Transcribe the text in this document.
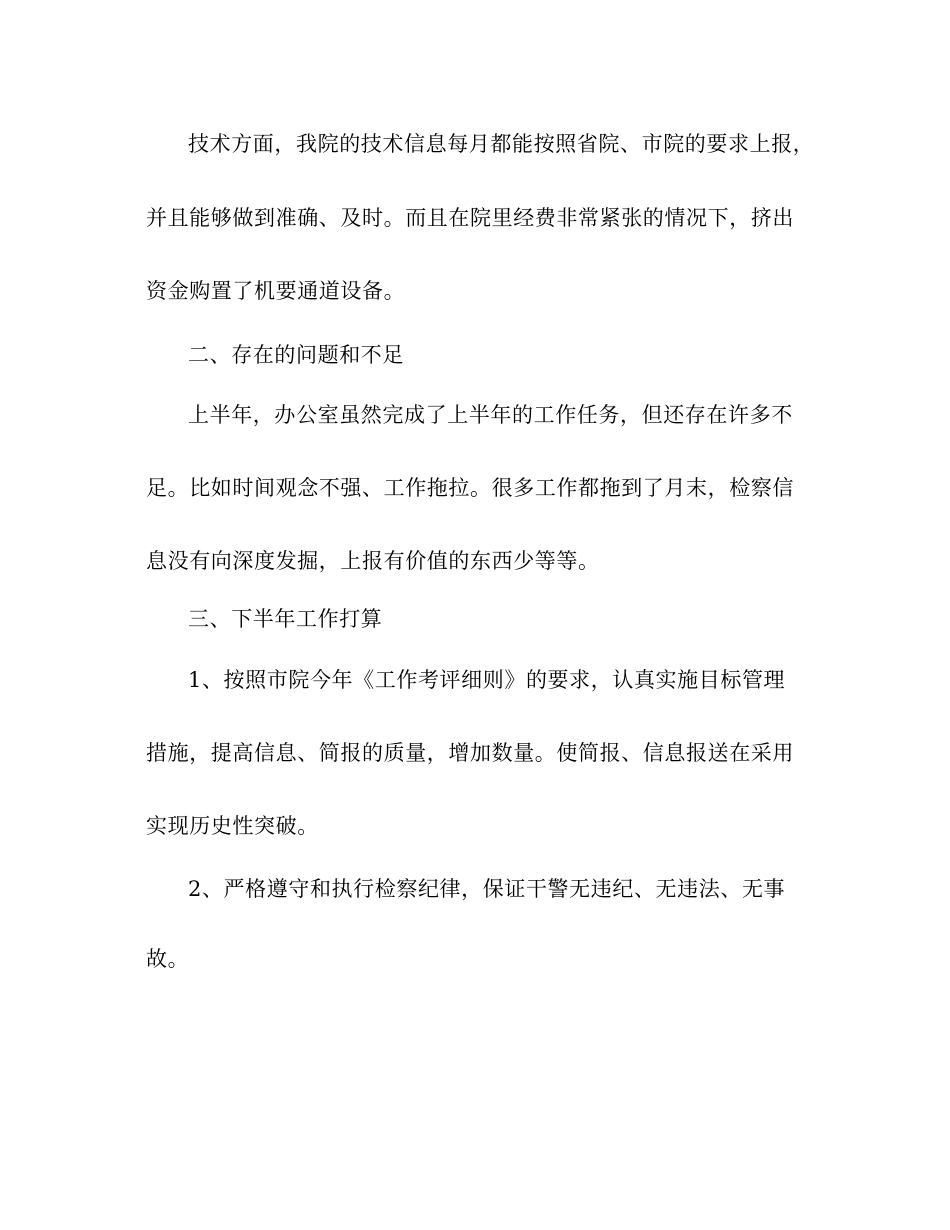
技术方面，我院的技术信息每月都能按照省院、市院的要求上报，
并且能够做到准确、及时。而且在院里经费非常紧张的情况下，挤出
资金购置了机要通道设备。
二、存在的问题和不足
上半年，办公室虽然完成了上半年的工作任务，但还存在许多不
足。比如时间观念不强、工作拖拉。很多工作都拖到了月末，检察信
息没有向深度发掘，上报有价值的东西少等等。
三、下半年工作打算
1、按照市院今年《工作考评细则》的要求，认真实施目标管理
措施，提高信息、简报的质量，增加数量。使简报、信息报送在采用
实现历史性突破。
2、严格遵守和执行检察纪律，保证干警无违纪、无违法、无事
故。
